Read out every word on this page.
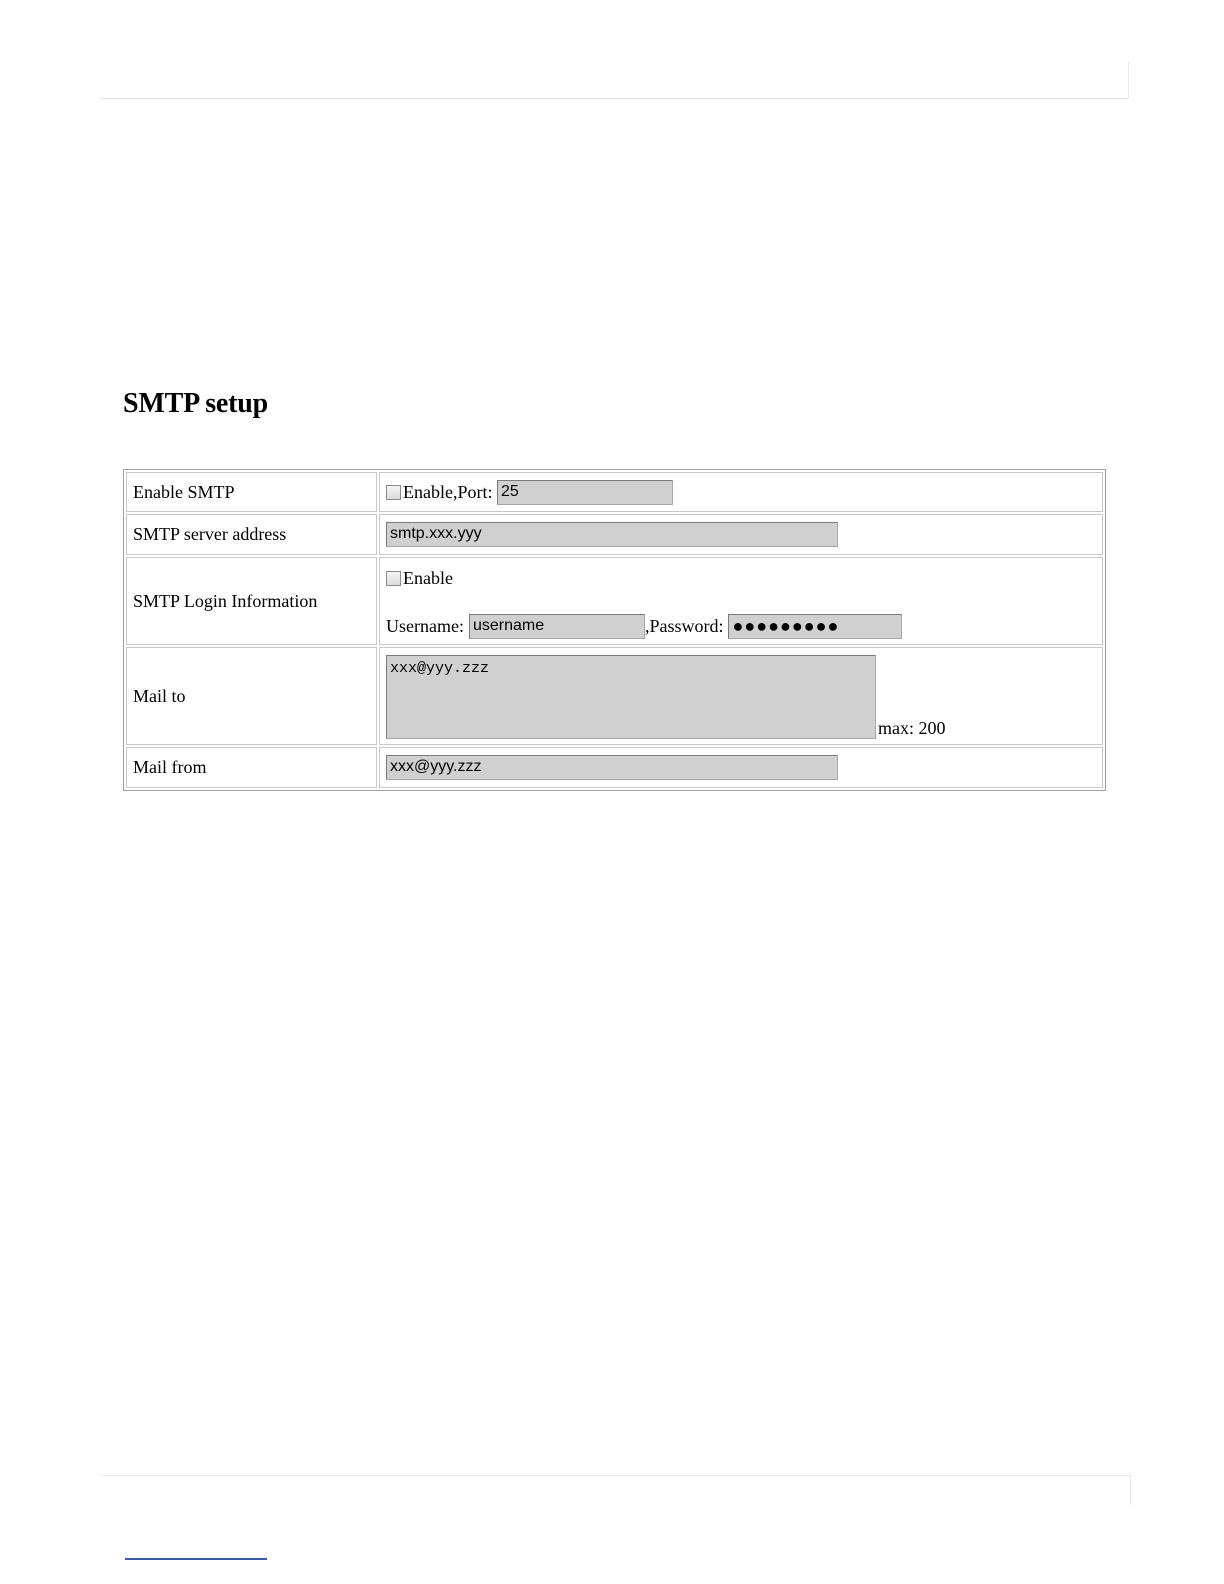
SMTP setup
Enable SMTP	Enable,Port: 25
SMTP server address	smtp.xxx.yyy
SMTP Login Information	Enable
Username: username ,Password: ●●●●●●●●●

Mail to	xxx@yyy.zzz
max: 200

Mail from	xxx@yyy.zzz
